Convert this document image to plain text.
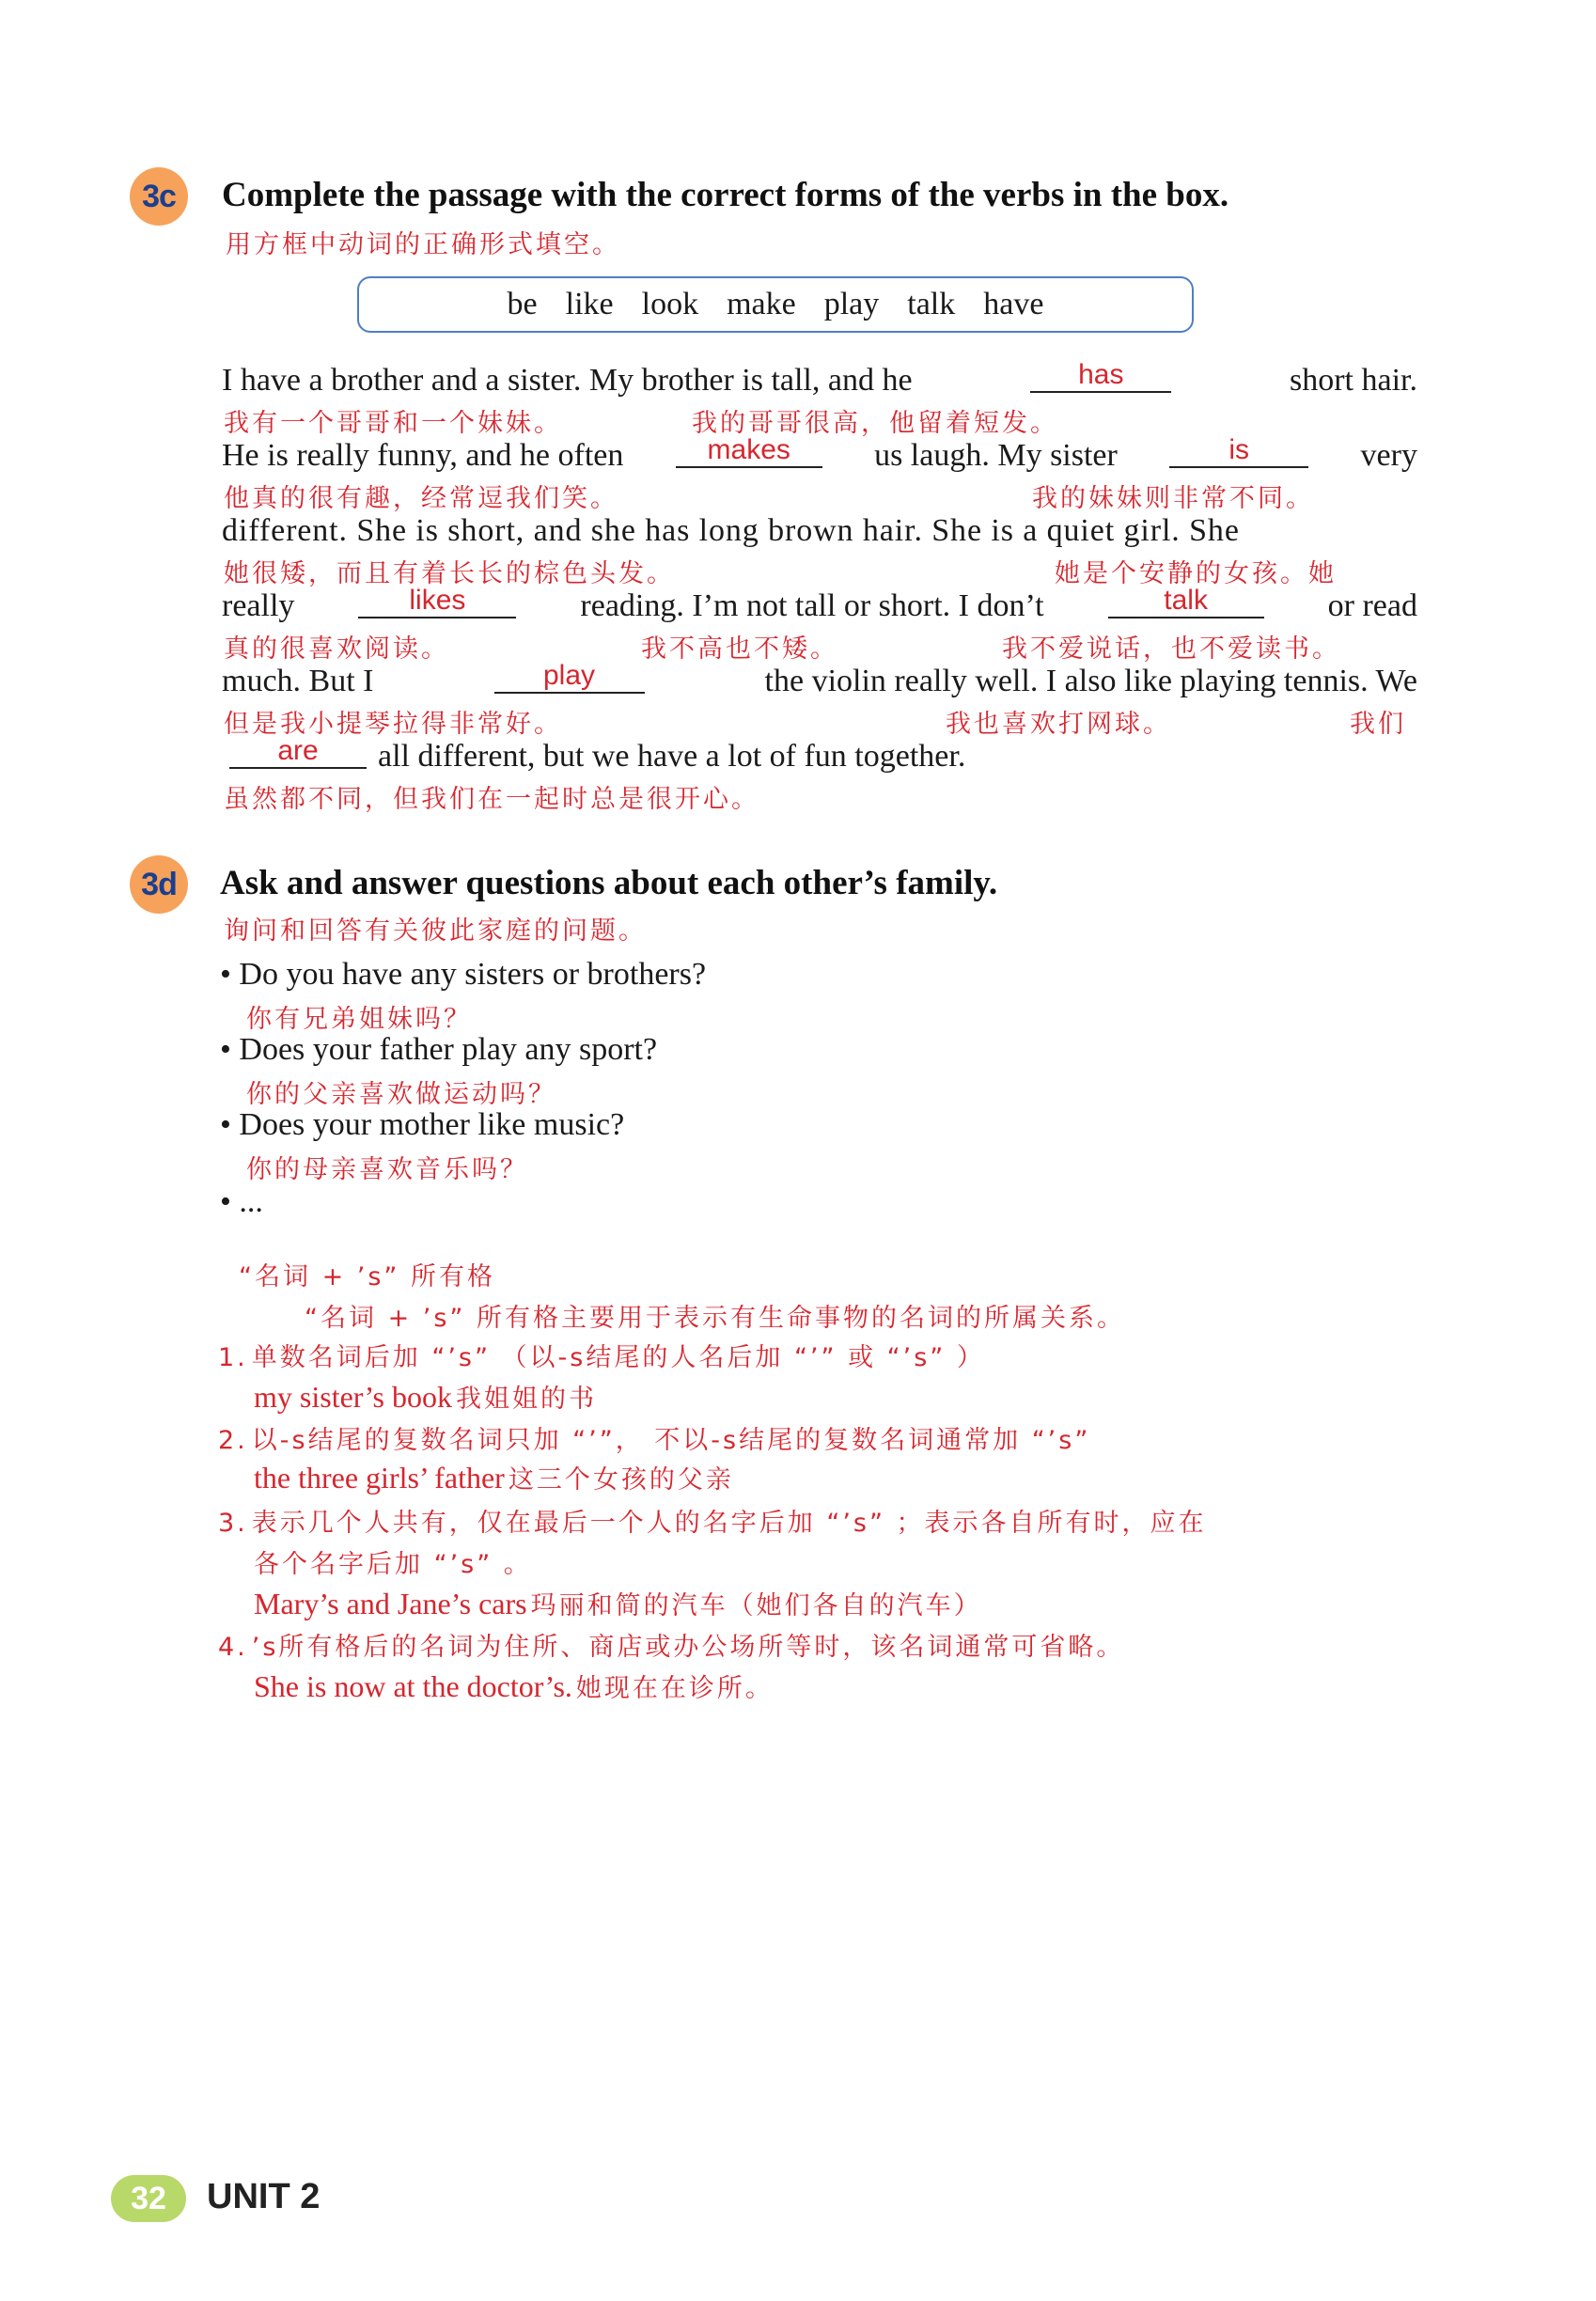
3c Complete the passage with the correct forms of the verbs in the box.
用方框中动词的正确形式填空。
be like look make play talk have
I have a brother and a sister. My brother is tall, and he	has	short hair.
我有一个哥哥和一个妹妹。	我的哥哥很高，他留着短发。
He is really funny, and he often	makes	us laugh. My sister	is	very
他真的很有趣，经常逗我们笑。	我的妹妹则非常不同。
different. She is short, and she has long brown hair. She is a quiet girl. She
她很矮，而且有着长长的棕色头发。	她是个安静的女孩。她
really	likes	reading. I’m not tall or short. I don’t	talk	or read
真的很喜欢阅读。	我不高也不矮。	我不爱说话，也不爱读书。
much. But I	play	the violin really well. I also like playing tennis. We
但是我小提琴拉得非常好。	我也喜欢打网球。	我们
are	all different, but we have a lot of fun together.
虽然都不同，但我们在一起时总是很开心。
3d Ask and answer questions about each other’s family.
询问和回答有关彼此家庭的问题。
• Do you have any sisters or brothers?
你有兄弟姐妹吗？
• Does your father play any sport?
你的父亲喜欢做运动吗？
• Does your mother like music?
你的母亲喜欢音乐吗？
• ...
“名词 + ’s” 所有格
“名词 + ’s” 所有格主要用于表示有生命事物的名词的所属关系。
1. 单数名词后加 “’s” （以-s结尾的人名后加 “’” 或 “’s” ）
my sister’s book 我姐姐的书
2. 以-s结尾的复数名词只加 “’”， 不以-s结尾的复数名词通常加 “’s”
the three girls’ father 这三个女孩的父亲
3. 表示几个人共有，仅在最后一个人的名字后加 “’s” ；表示各自所有时，应在
各个名字后加 “’s” 。
Mary’s and Jane’s cars 玛丽和简的汽车（她们各自的汽车）
4. ’s所有格后的名词为住所、商店或办公场所等时，该名词通常可省略。
She is now at the doctor’s. 她现在在诊所。
32 UNIT 2
